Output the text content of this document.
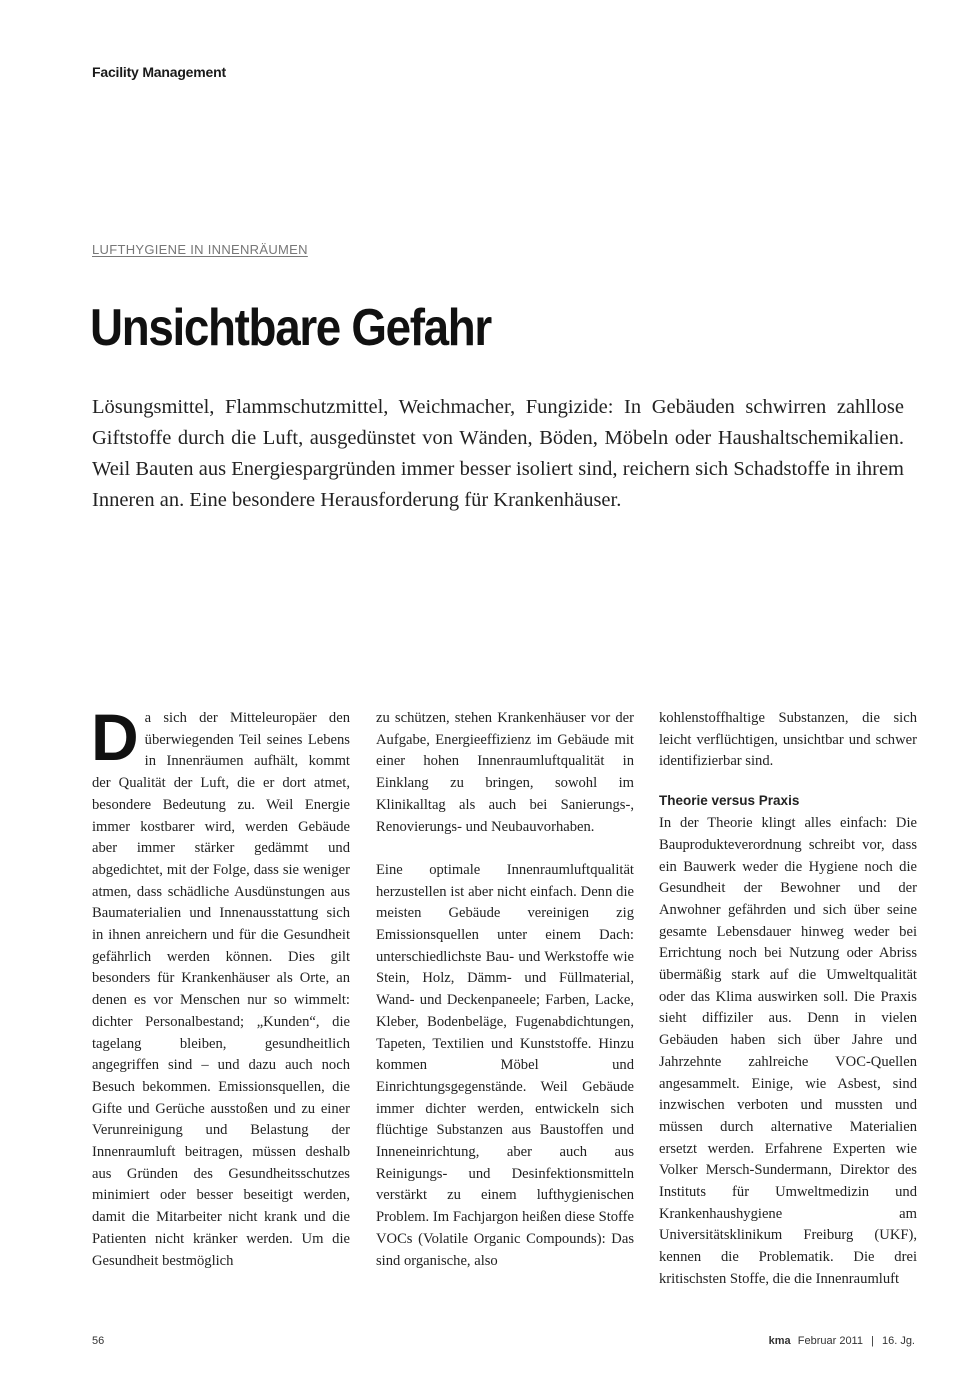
Facility Management
LUFTHYGIENE IN INNENRÄUMEN
Unsichtbare Gefahr

Lösungsmittel, Flammschutzmittel, Weichmacher, Fungizide: In Gebäuden schwirren zahllose Giftstoffe durch die Luft, ausgedünstet von Wänden, Böden, Möbeln oder Haushaltschemikalien. Weil Bauten aus Energiespargründen immer besser isoliert sind, reichern sich Schadstoffe in ihrem Inneren an. Eine besondere Herausforderung für Krankenhäuser.

Da sich der Mitteleuropäer den überwiegenden Teil seines Lebens in Innenräumen aufhält, kommt der Qualität der Luft, die er dort atmet, besondere Bedeutung zu. Weil Energie immer kostbarer wird, werden Gebäude aber immer stärker gedämmt und abgedichtet, mit der Folge, dass sie weniger atmen, dass schädliche Ausdünstungen aus Baumaterialien und Innenausstattung sich in ihnen anreichern und für die Gesundheit gefährlich werden können. Dies gilt besonders für Krankenhäuser als Orte, an denen es vor Menschen nur so wimmelt: dichter Personalbestand; „Kunden“, die tagelang bleiben, gesundheitlich angegriffen sind – und dazu auch noch Besuch bekommen. Emissionsquellen, die Gifte und Gerüche ausstoßen und zu einer Verunreinigung und Belastung der Innenraumluft beitragen, müssen deshalb aus Gründen des Gesundheitsschutzes minimiert oder besser beseitigt werden, damit die Mitarbeiter nicht krank und die Patienten nicht kränker werden. Um die Gesundheit bestmöglich

zu schützen, stehen Krankenhäuser vor der Aufgabe, Energieeffizienz im Gebäude mit einer hohen Innenraumluftqualität in Einklang zu bringen, sowohl im Klinikalltag als auch bei Sanierungs-, Renovierungs- und Neubauvorhaben.

Eine optimale Innenraumluftqualität herzustellen ist aber nicht einfach. Denn die meisten Gebäude vereinigen zig Emissionsquellen unter einem Dach: unterschiedlichste Bau- und Werkstoffe wie Stein, Holz, Dämm- und Füllmaterial, Wand- und Deckenpaneele; Farben, Lacke, Kleber, Bodenbeläge, Fugenabdichtungen, Tapeten, Textilien und Kunststoffe. Hinzu kommen Möbel und Einrichtungsgegenstände. Weil Gebäude immer dichter werden, entwickeln sich flüchtige Substanzen aus Baustoffen und Inneneinrichtung, aber auch aus Reinigungs- und Desinfektionsmitteln verstärkt zu einem lufthygienischen Problem. Im Fachjargon heißen diese Stoffe VOCs (Volatile Organic Compounds): Das sind organische, also

kohlenstoffhaltige Substanzen, die sich leicht verflüchtigen, unsichtbar und schwer identifizierbar sind.

Theorie versus Praxis

In der Theorie klingt alles einfach: Die Bauprodukteverordnung schreibt vor, dass ein Bauwerk weder die Hygiene noch die Gesundheit der Bewohner und der Anwohner gefährden und sich über seine gesamte Lebensdauer hinweg weder bei Errichtung noch bei Nutzung oder Abriss übermäßig stark auf die Umweltqualität oder das Klima auswirken soll. Die Praxis sieht diffiziler aus. Denn in vielen Gebäuden haben sich über Jahre und Jahrzehnte zahlreiche VOC-Quellen angesammelt. Einige, wie Asbest, sind inzwischen verboten und mussten und müssen durch alternative Materialien ersetzt werden. Erfahrene Experten wie Volker Mersch-Sundermann, Direktor des Instituts für Umweltmedizin und Krankenhaushygiene am Universitätsklinikum Freiburg (UKF), kennen die Problematik. Die drei kritischsten Stoffe, die die Innenraumluft

56	kma Februar 2011 | 16. Jg.
